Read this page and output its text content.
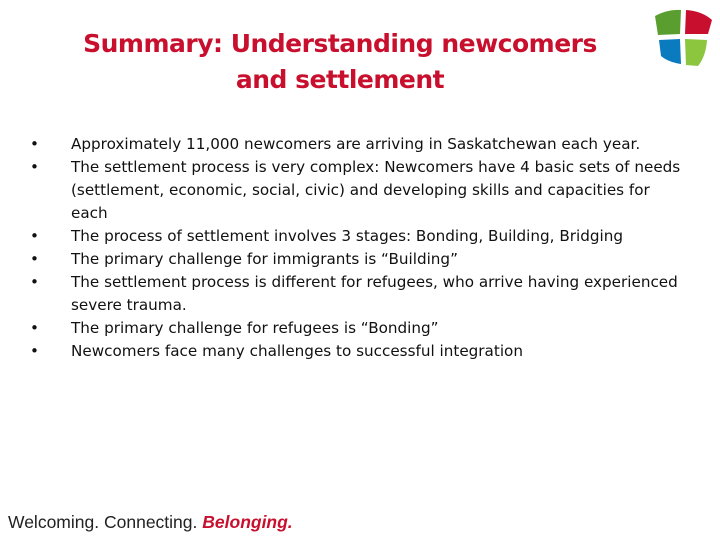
Summary: Understanding newcomers
and settlement
•	Approximately 11,000 newcomers are arriving in Saskatchewan each year.
•	The settlement process is very complex: Newcomers have 4 basic sets of needs (settlement, economic, social, civic) and developing skills and capacities for each
•	The process of settlement involves 3 stages: Bonding, Building, Bridging
•	The primary challenge for immigrants is “Building”
•	The settlement process is different for refugees, who arrive having experienced severe trauma.
•	The primary challenge for refugees is “Bonding”
•	Newcomers face many challenges to successful integration
Welcoming. Connecting. Belonging.
